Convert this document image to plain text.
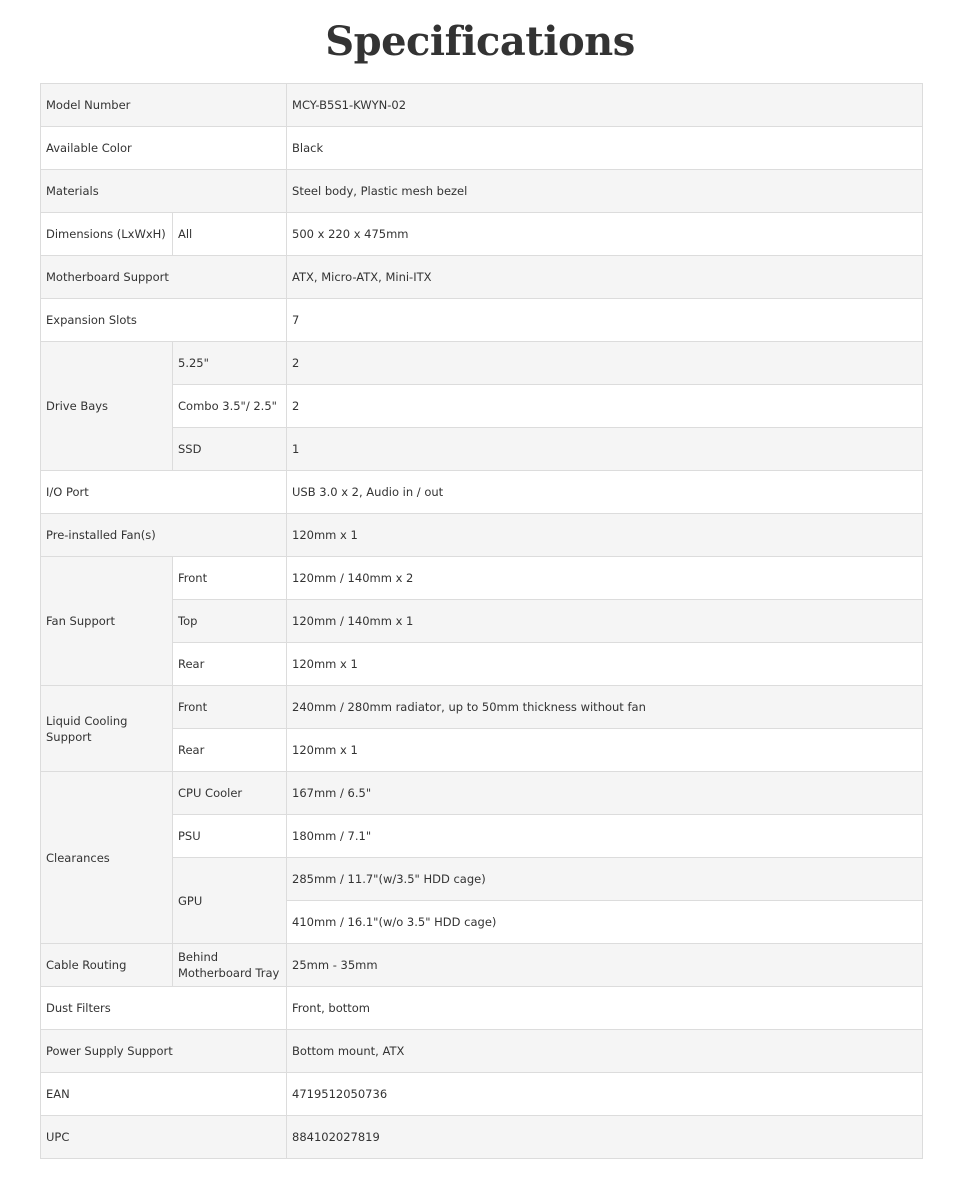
Specifications
Model Number		MCY-B5S1-KWYN-02
Available Color		Black
Materials		Steel body, Plastic mesh bezel
Dimensions (LxWxH)	All	500 x 220 x 475mm
Motherboard Support		ATX, Micro-ATX, Mini-ITX
Expansion Slots		7
Drive Bays	5.25"	2
	Combo 3.5"/ 2.5"	2
	SSD	1
I/O Port		USB 3.0 x 2, Audio in / out
Pre-installed Fan(s)		120mm x 1
Fan Support	Front	120mm / 140mm x 2
	Top	120mm / 140mm x 1
	Rear	120mm x 1
Liquid Cooling Support	Front	240mm / 280mm radiator, up to 50mm thickness without fan
	Rear	120mm x 1
Clearances	CPU Cooler	167mm / 6.5"
	PSU	180mm / 7.1"
	GPU	285mm / 11.7"(w/3.5" HDD cage)
		410mm / 16.1"(w/o 3.5" HDD cage)
Cable Routing	Behind Motherboard Tray	25mm - 35mm
Dust Filters		Front, bottom
Power Supply Support		Bottom mount, ATX
EAN		4719512050736
UPC		884102027819
